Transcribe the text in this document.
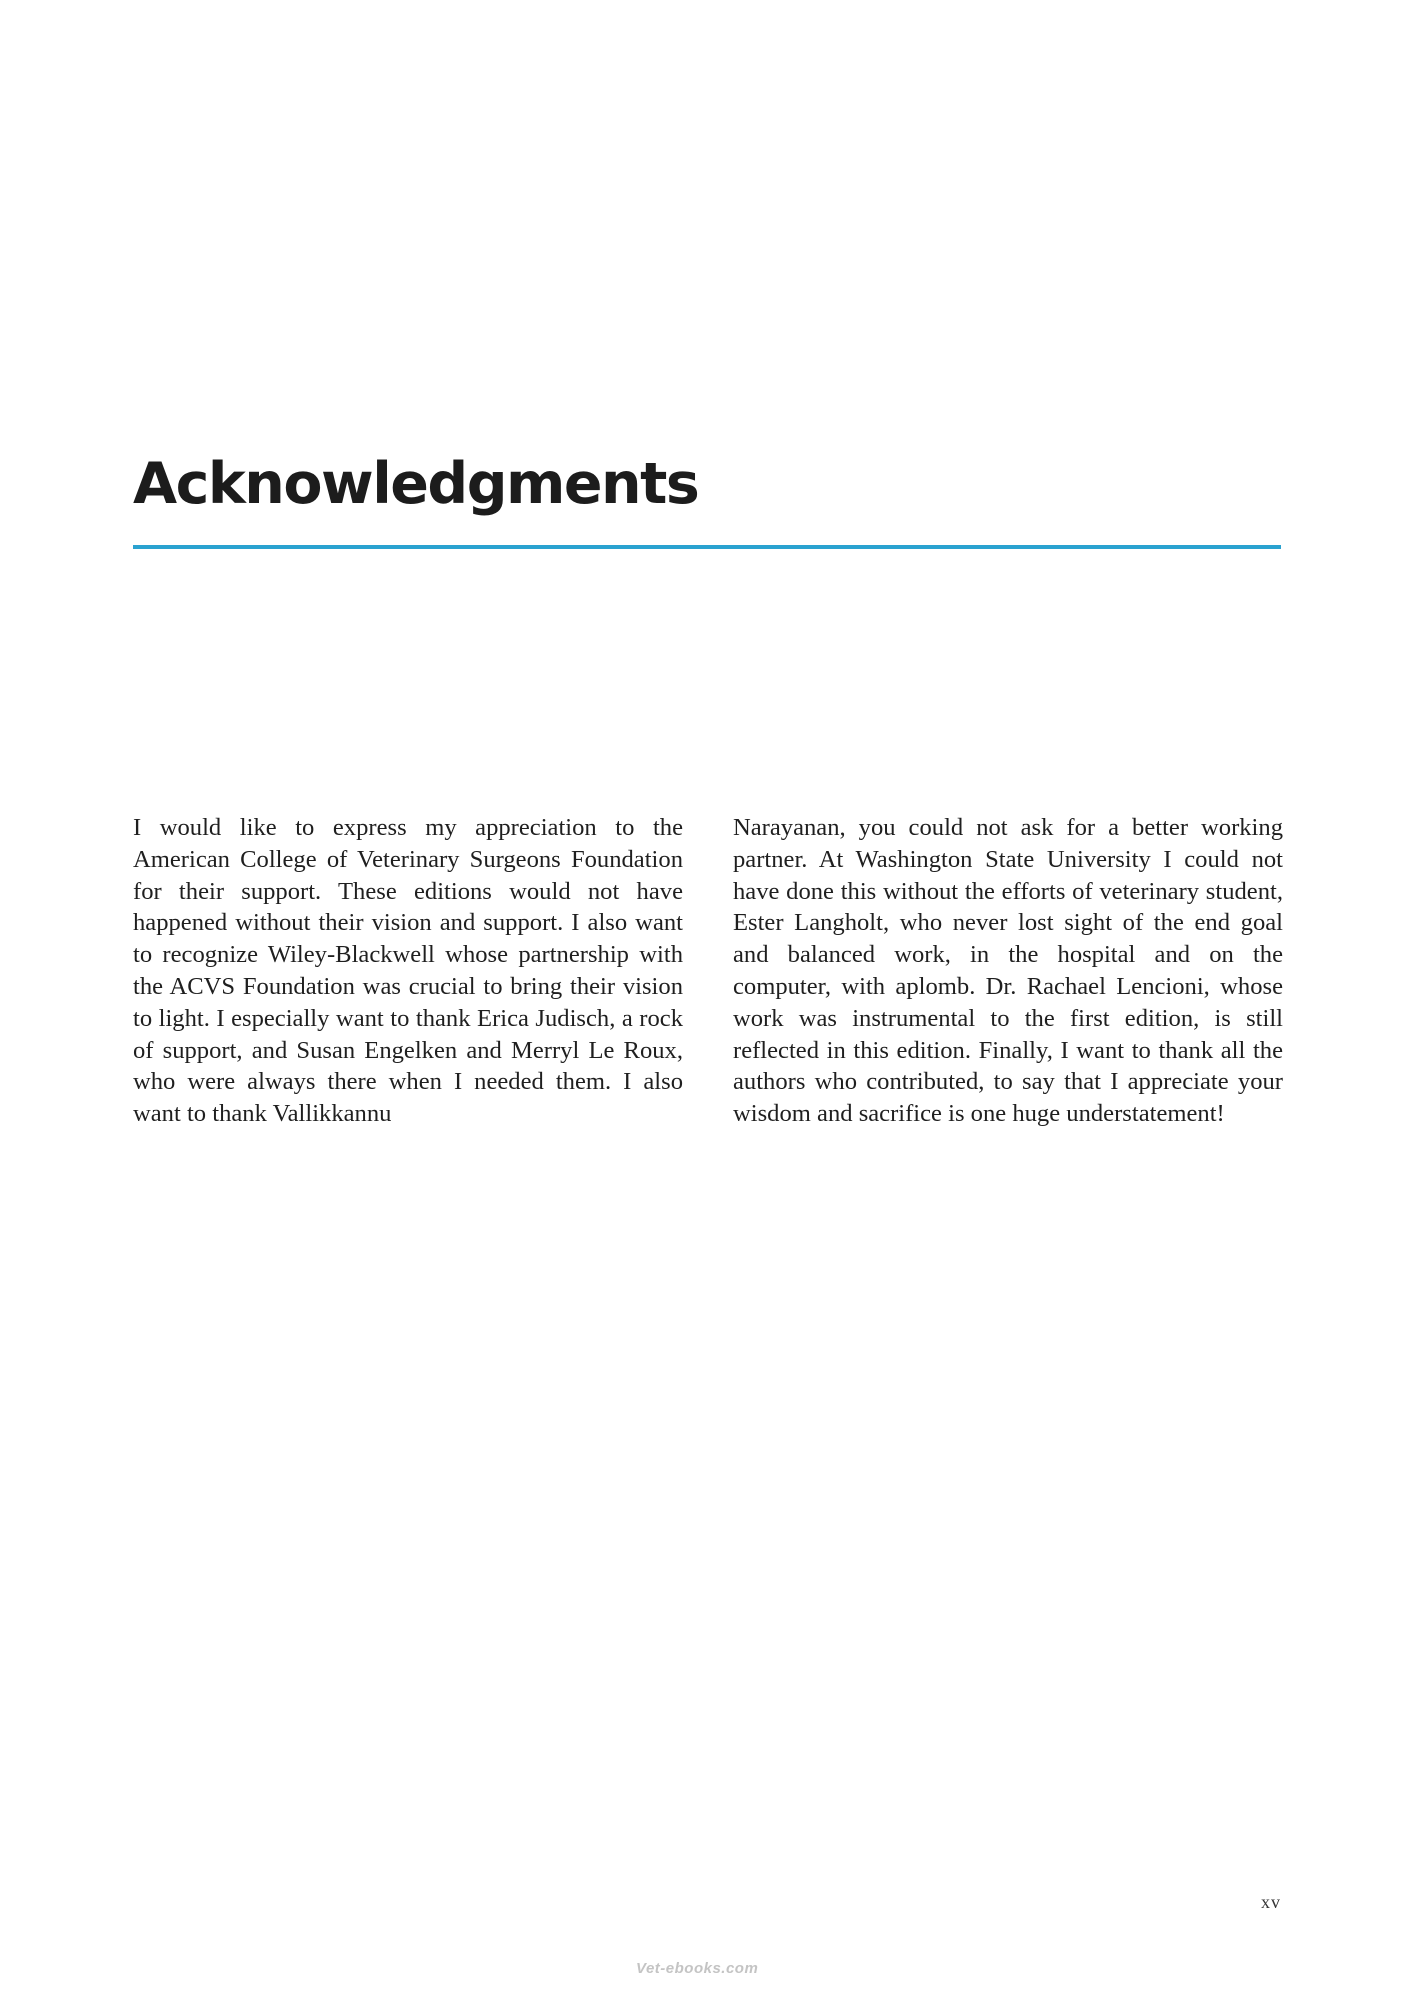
Acknowledgments

I would like to express my appreciation to the American College of Veterinary Surgeons Foundation for their support. These editions would not have happened without their vision and support. I also want to recognize Wiley-Blackwell whose partnership with the ACVS Foundation was crucial to bring their vision to light. I especially want to thank Erica Judisch, a rock of support, and Susan Engelken and Merryl Le Roux, who were always there when I needed them. I also want to thank Vallikkannu

Narayanan, you could not ask for a better working partner. At Washington State University I could not have done this without the efforts of veterinary student, Ester Langholt, who never lost sight of the end goal and balanced work, in the hospital and on the computer, with aplomb. Dr. Rachael Lencioni, whose work was instrumental to the first edition, is still reflected in this edition. Finally, I want to thank all the authors who contributed, to say that I appreciate your wisdom and sacrifice is one huge understatement!

xv
Vet-ebooks.com
